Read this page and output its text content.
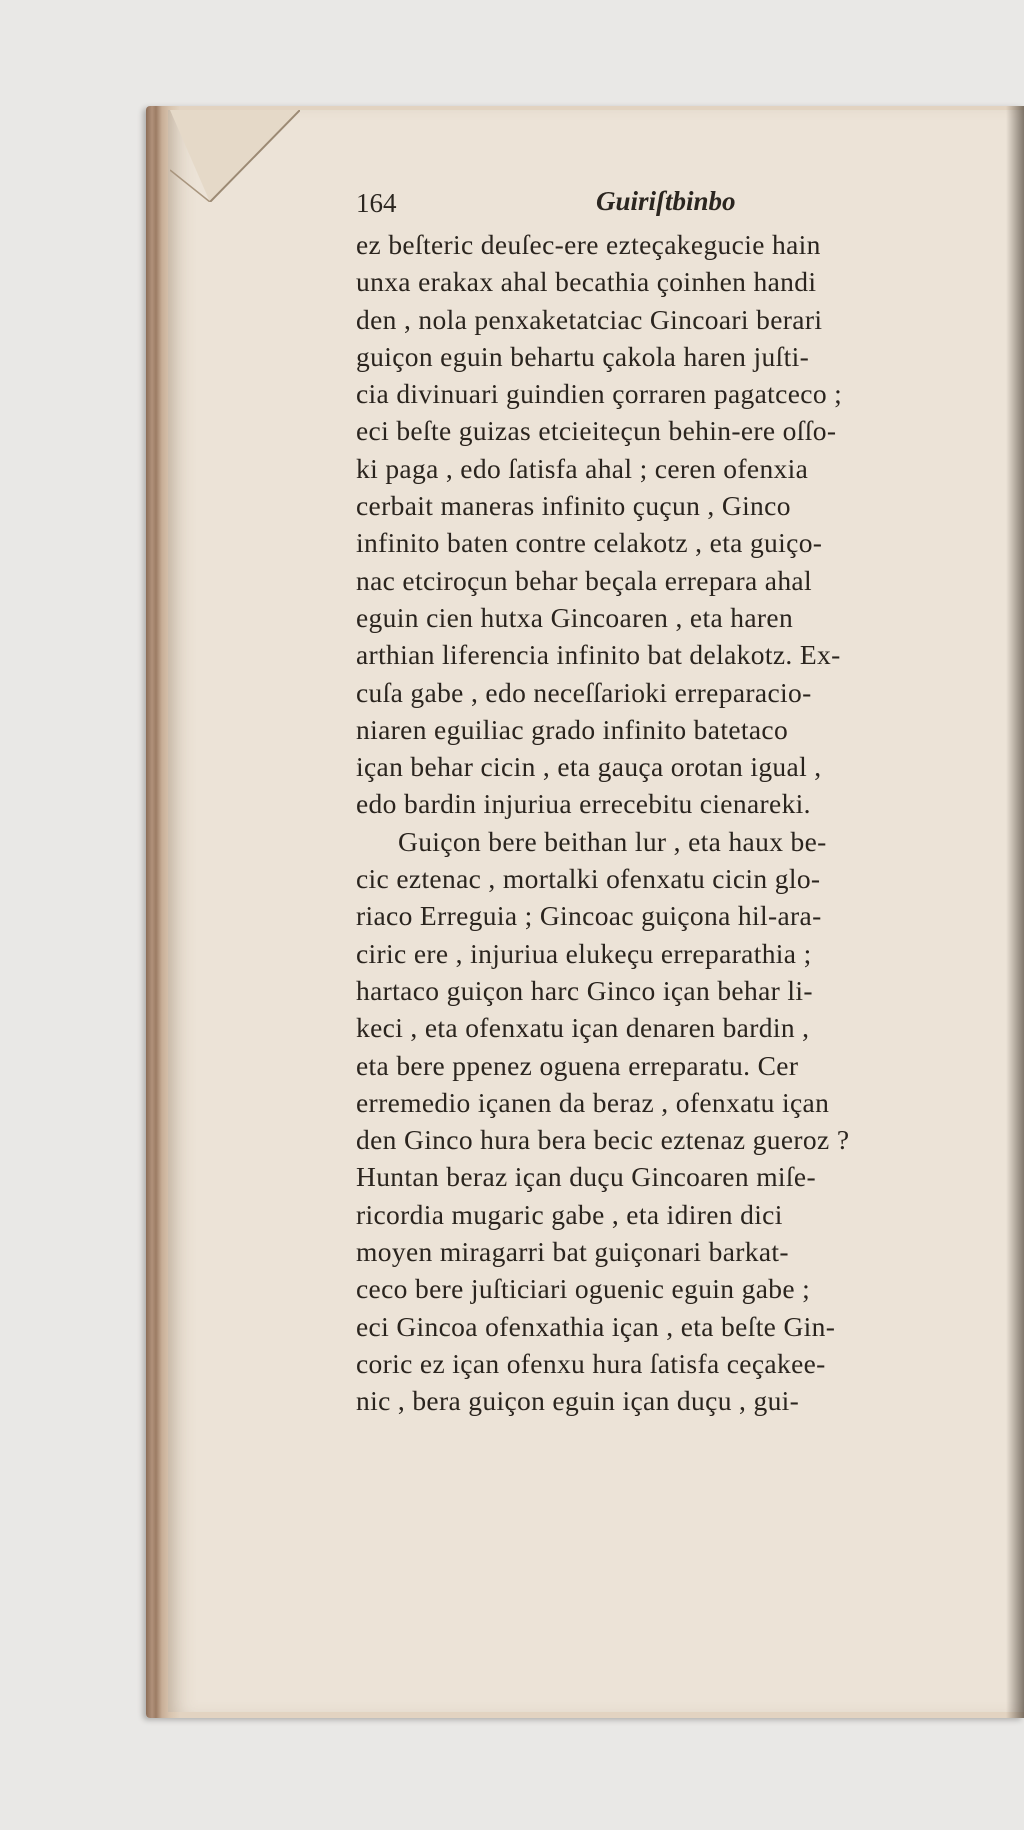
164	Guiriſtbinbo
ez beſteric deuſec-ere ezteçakegucie hain
unxa erakax ahal becathia çoinhen handi
den , nola penxaketatciac Gincoari berari
guiçon eguin behartu çakola haren juſti-
cia divinuari guindien çorraren pagatceco ;
eci beſte guizas etcieiteçun behin-ere oſſo-
ki paga , edo ſatisfa ahal ; ceren ofenxia
cerbait maneras infinito çuçun , Ginco
infinito baten contre celakotz , eta guiço-
nac etciroçun behar beçala errepara ahal
eguin cien hutxa Gincoaren , eta haren
arthian liferencia infinito bat delakotz. Ex-
cuſa gabe , edo neceſſarioki erreparacio-
niaren eguiliac grado infinito batetaco
içan behar cicin , eta gauça orotan igual ,
edo bardin injuriua errecebitu cienareki.
Guiçon bere beithan lur , eta haux be-
cic eztenac , mortalki ofenxatu cicin glo-
riaco Erreguia ; Gincoac guiçona hil-ara-
ciric ere , injuriua elukeçu erreparathia ;
hartaco guiçon harc Ginco içan behar li-
keci , eta ofenxatu içan denaren bardin ,
eta bere ppenez oguena erreparatu. Cer
erremedio içanen da beraz , ofenxatu içan
den Ginco hura bera becic eztenaz gueroz ?
Huntan beraz içan duçu Gincoaren miſe-
ricordia mugaric gabe , eta idiren dici
moyen miragarri bat guiçonari barkat-
ceco bere juſticiari oguenic eguin gabe ;
eci Gincoa ofenxathia içan , eta beſte Gin-
coric ez içan ofenxu hura ſatisfa ceçakee-
nic , bera guiçon eguin içan duçu , gui-
